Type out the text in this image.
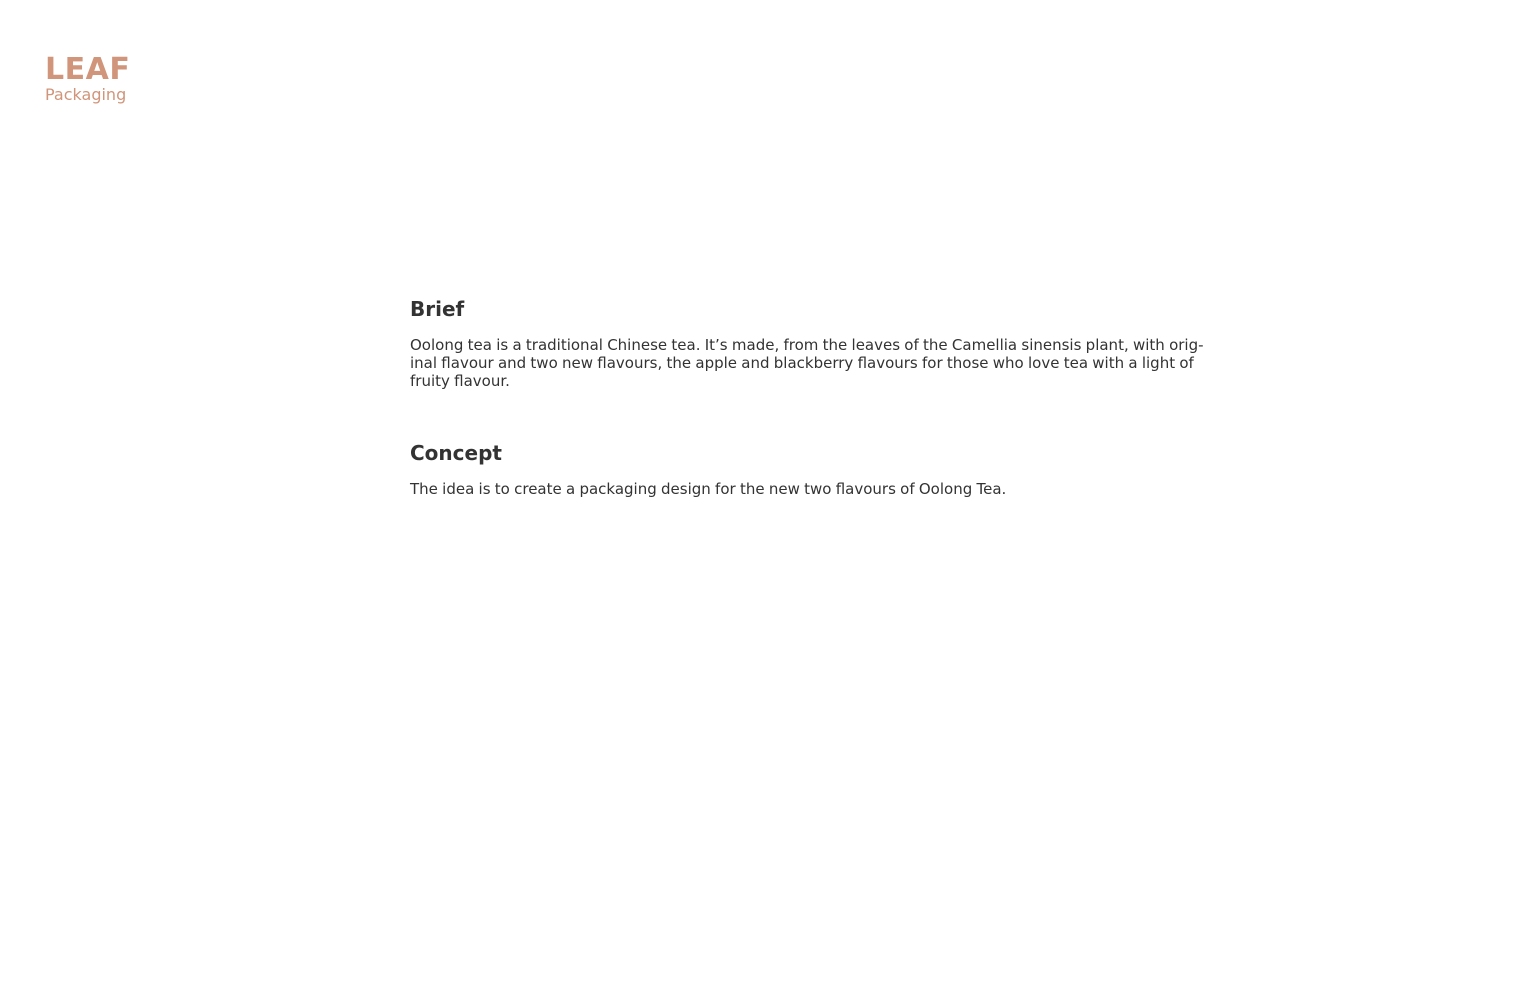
LEAF
Packaging
Brief

Oolong tea is a traditional Chinese tea. It’s made, from the leaves of the Camellia sinensis plant, with orig-inal flavour and two new flavours, the apple and blackberry flavours for those who love tea with a light of fruity flavour.

Concept

The idea is to create a packaging design for the new two flavours of Oolong Tea.
